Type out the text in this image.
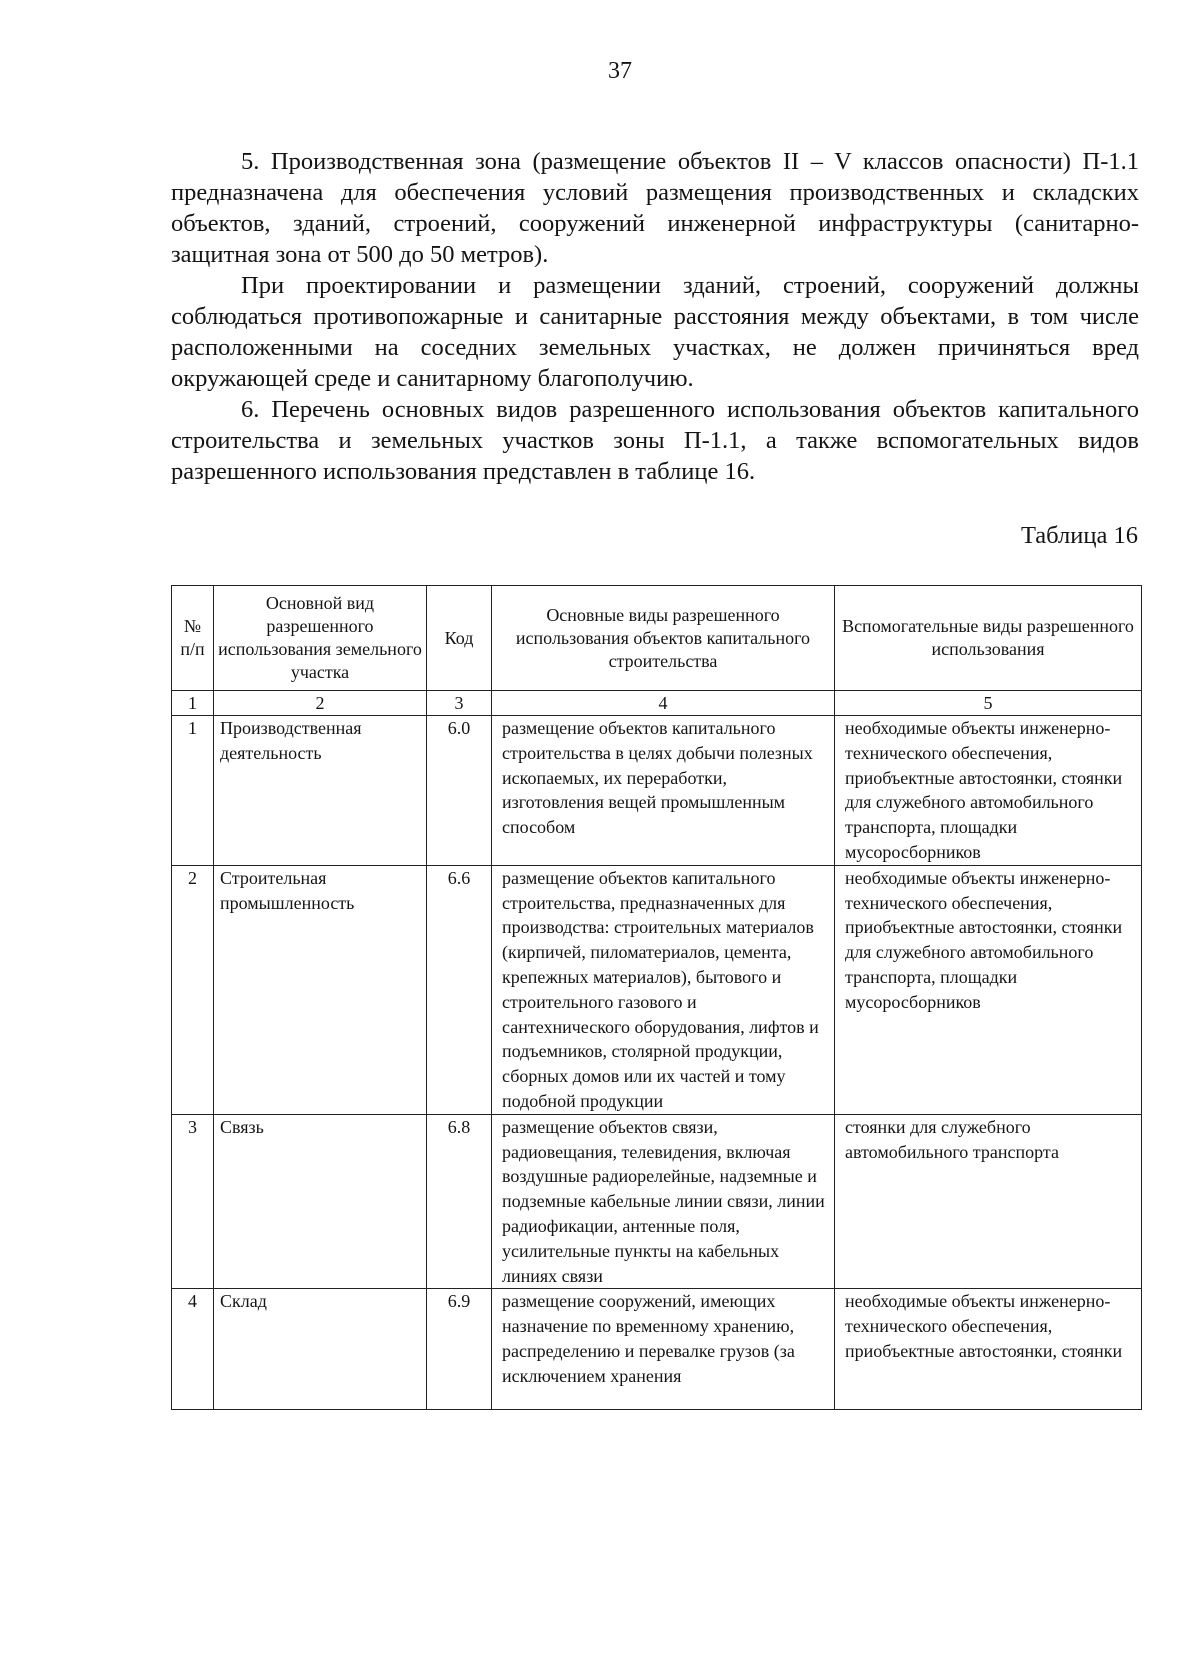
37

5. Производственная зона (размещение объектов II – V классов опасности) П-1.1 предназначена для обеспечения условий размещения производственных и складских объектов, зданий, строений, сооружений инженерной инфраструктуры (санитарно-защитная зона от 500 до 50 метров).

При проектировании и размещении зданий, строений, сооружений должны соблюдаться противопожарные и санитарные расстояния между объектами, в том числе расположенными на соседних земельных участках, не должен причиняться вред окружающей среде и санитарному благополучию.

6. Перечень основных видов разрешенного использования объектов капитального строительства и земельных участков зоны П-1.1, а также вспомогательных видов разрешенного использования представлен в таблице 16.

Таблица 16
№ п/п	Основной вид разрешенного использования земельного участка	Код	Основные виды разрешенного использования объектов капитального строительства	Вспомогательные виды разрешенного использования
1	2	3	4	5
1	Производственная деятельность	6.0	размещение объектов капитального строительства в целях добычи полезных ископаемых, их переработки, изготовления вещей промышленным способом	необходимые объекты инженерно-технического обеспечения, приобъектные автостоянки, стоянки для служебного автомобильного транспорта, площадки мусоросборников
2	Строительная промышленность	6.6	размещение объектов капитального строительства, предназначенных для производства: строительных материалов (кирпичей, пиломатериалов, цемента, крепежных материалов), бытового и строительного газового и сантехнического оборудования, лифтов и подъемников, столярной продукции, сборных домов или их частей и тому подобной продукции	необходимые объекты инженерно-технического обеспечения, приобъектные автостоянки, стоянки для служебного автомобильного транспорта, площадки мусоросборников
3	Связь	6.8	размещение объектов связи, радиовещания, телевидения, включая воздушные радиорелейные, надземные и подземные кабельные линии связи, линии радиофикации, антенные поля, усилительные пункты на кабельных линиях связи	стоянки для служебного автомобильного транспорта
4	Склад	6.9	размещение сооружений, имеющих назначение по временному хранению, распределению и перевалке грузов (за исключением хранения	необходимые объекты инженерно-технического обеспечения, приобъектные автостоянки, стоянки
